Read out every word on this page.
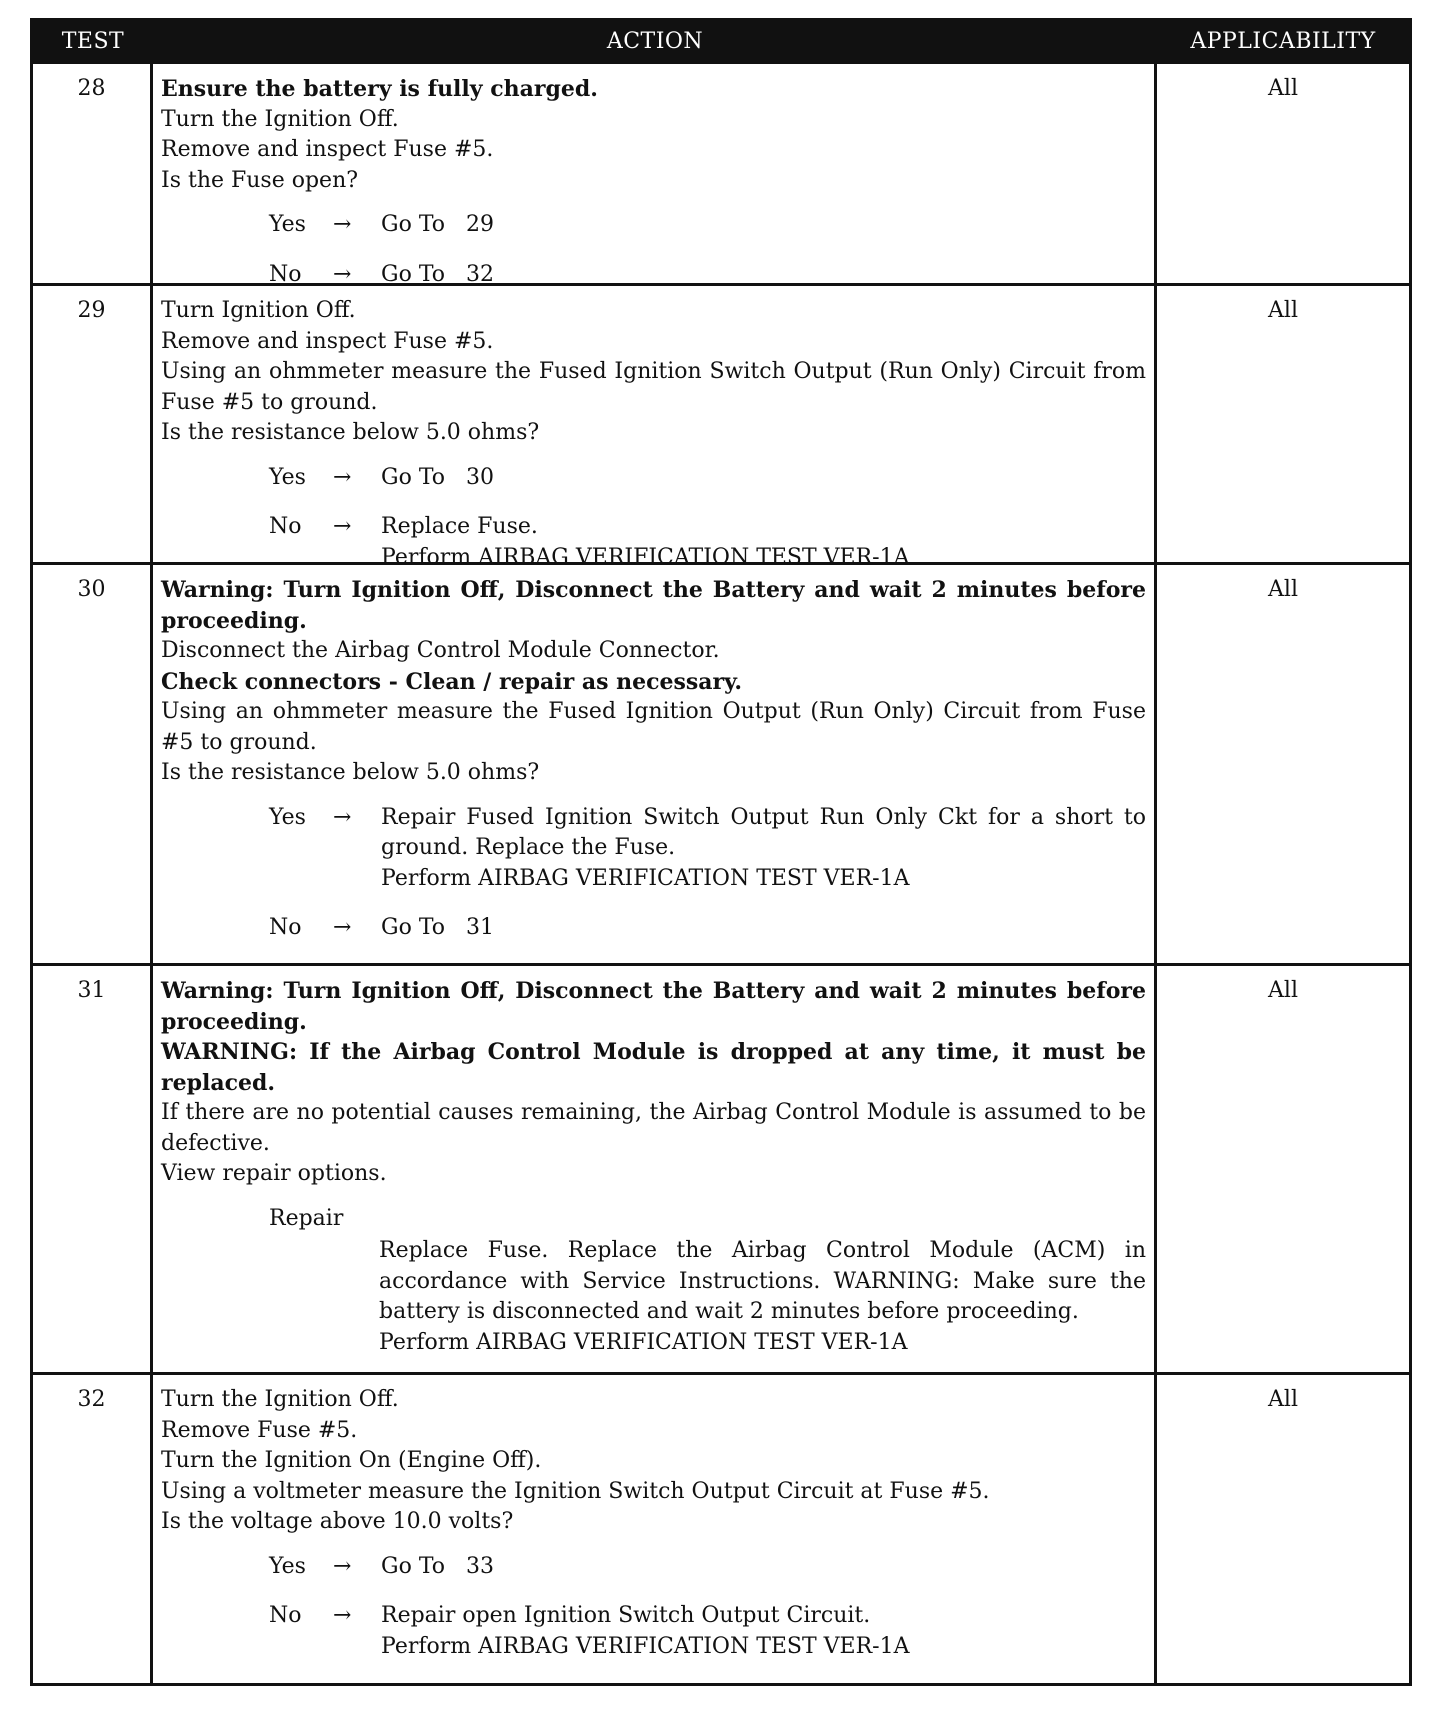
TEST	ACTION	APPLICABILITY
28	Ensure the battery is fully charged.
Turn the Ignition Off.
Remove and inspect Fuse #5.
Is the Fuse open?
Yes	→	Go To   29
No	→	Go To   32
All
29	Turn Ignition Off.
Remove and inspect Fuse #5.
Using an ohmmeter measure the Fused Ignition Switch Output (Run Only) Circuit from Fuse #5 to ground.
Is the resistance below 5.0 ohms?
Yes	→	Go To   30
No	→	Replace Fuse.
Perform AIRBAG VERIFICATION TEST VER-1A
All
30	Warning: Turn Ignition Off, Disconnect the Battery and wait 2 minutes before proceeding.
Disconnect the Airbag Control Module Connector.
Check connectors - Clean / repair as necessary.
Using an ohmmeter measure the Fused Ignition Output (Run Only) Circuit from Fuse #5 to ground.
Is the resistance below 5.0 ohms?
Yes	→	Repair Fused Ignition Switch Output Run Only Ckt for a short to ground. Replace the Fuse.
Perform AIRBAG VERIFICATION TEST VER-1A
No	→	Go To   31
All
31	Warning: Turn Ignition Off, Disconnect the Battery and wait 2 minutes before proceeding.
WARNING: If the Airbag Control Module is dropped at any time, it must be replaced.
If there are no potential causes remaining, the Airbag Control Module is assumed to be defective.
View repair options.
Repair
Replace Fuse. Replace the Airbag Control Module (ACM) in accordance with Service Instructions. WARNING: Make sure the battery is disconnected and wait 2 minutes before proceeding.
Perform AIRBAG VERIFICATION TEST VER-1A
All
32	Turn the Ignition Off.
Remove Fuse #5.
Turn the Ignition On (Engine Off).
Using a voltmeter measure the Ignition Switch Output Circuit at Fuse #5.
Is the voltage above 10.0 volts?
Yes	→	Go To   33
No	→	Repair open Ignition Switch Output Circuit.
Perform AIRBAG VERIFICATION TEST VER-1A
All
